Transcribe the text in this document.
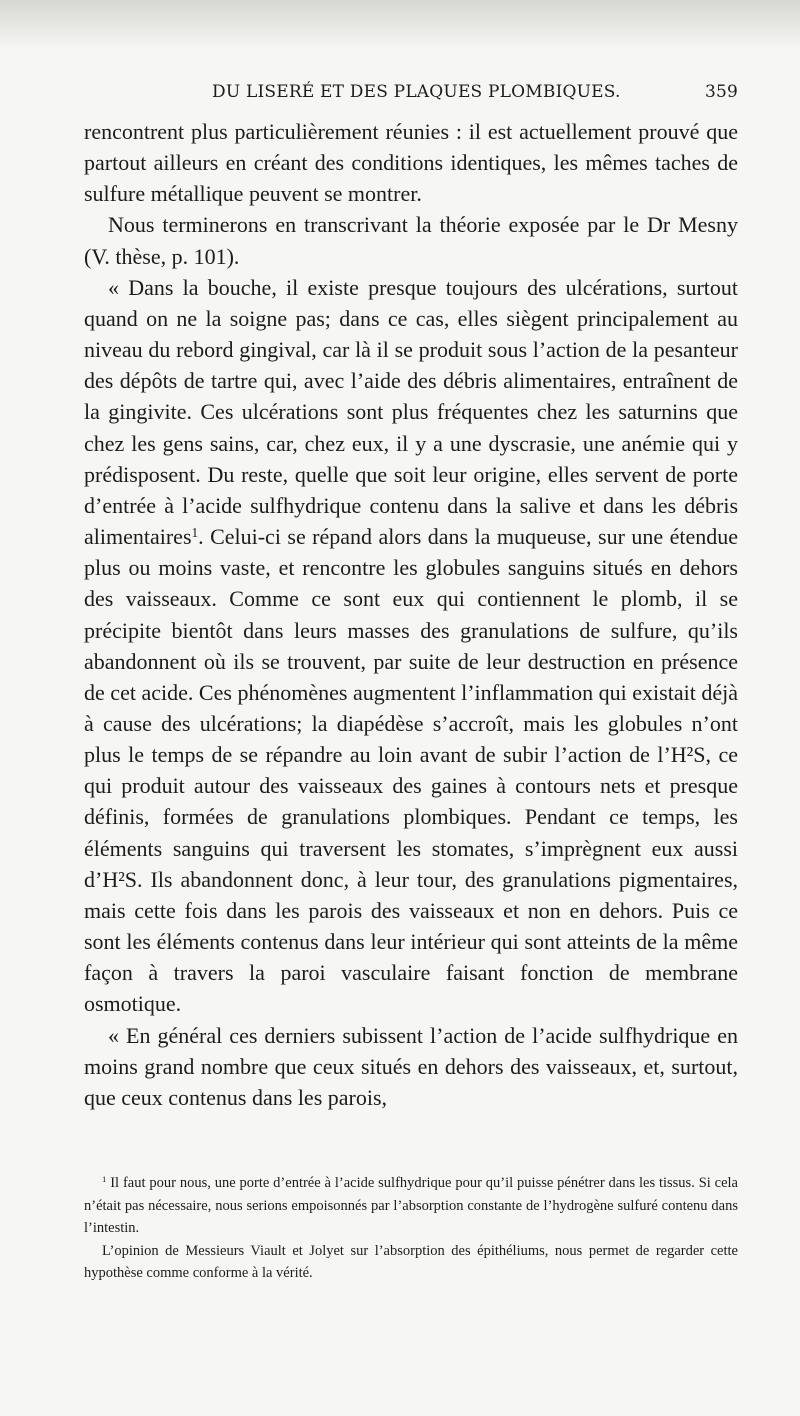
DU LISERÉ ET DES PLAQUES PLOMBIQUES.	359

rencontrent plus particulièrement réunies : il est actuellement prouvé que partout ailleurs en créant des conditions identiques, les mêmes taches de sulfure métallique peuvent se montrer.

Nous terminerons en transcrivant la théorie exposée par le Dr Mesny (V. thèse, p. 101).

« Dans la bouche, il existe presque toujours des ulcérations, surtout quand on ne la soigne pas; dans ce cas, elles siègent principalement au niveau du rebord gingival, car là il se produit sous l’action de la pesanteur des dépôts de tartre qui, avec l’aide des débris alimentaires, entraînent de la gingivite. Ces ulcérations sont plus fréquentes chez les saturnins que chez les gens sains, car, chez eux, il y a une dyscrasie, une anémie qui y prédisposent. Du reste, quelle que soit leur origine, elles servent de porte d’entrée à l’acide sulfhydrique contenu dans la salive et dans les débris alimentaires$^1$. Celui-ci se répand alors dans la muqueuse, sur une étendue plus ou moins vaste, et rencontre les globules sanguins situés en dehors des vaisseaux. Comme ce sont eux qui contiennent le plomb, il se précipite bientôt dans leurs masses des granulations de sulfure, qu’ils abandonnent où ils se trouvent, par suite de leur destruction en présence de cet acide. Ces phénomènes augmentent l’inflammation qui existait déjà à cause des ulcérations; la diapédèse s’accroît, mais les globules n’ont plus le temps de se répandre au loin avant de subir l’action de l’H²S, ce qui produit autour des vaisseaux des gaines à contours nets et presque définis, formées de granulations plombiques. Pendant ce temps, les éléments sanguins qui traversent les stomates, s’imprègnent eux aussi d’H²S. Ils abandonnent donc, à leur tour, des granulations pigmentaires, mais cette fois dans les parois des vaisseaux et non en dehors. Puis ce sont les éléments contenus dans leur intérieur qui sont atteints de la même façon à travers la paroi vasculaire faisant fonction de membrane osmotique.

« En général ces derniers subissent l’action de l’acide sulfhydrique en moins grand nombre que ceux situés en dehors des vaisseaux, et, surtout, que ceux contenus dans les parois,

$^1$ Il faut pour nous, une porte d’entrée à l’acide sulfhydrique pour qu’il puisse pénétrer dans les tissus. Si cela n’était pas nécessaire, nous serions empoisonnés par l’absorption constante de l’hydrogène sulfuré contenu dans l’intestin.

L’opinion de Messieurs Viault et Jolyet sur l’absorption des épithéliums, nous permet de regarder cette hypothèse comme conforme à la vérité.
